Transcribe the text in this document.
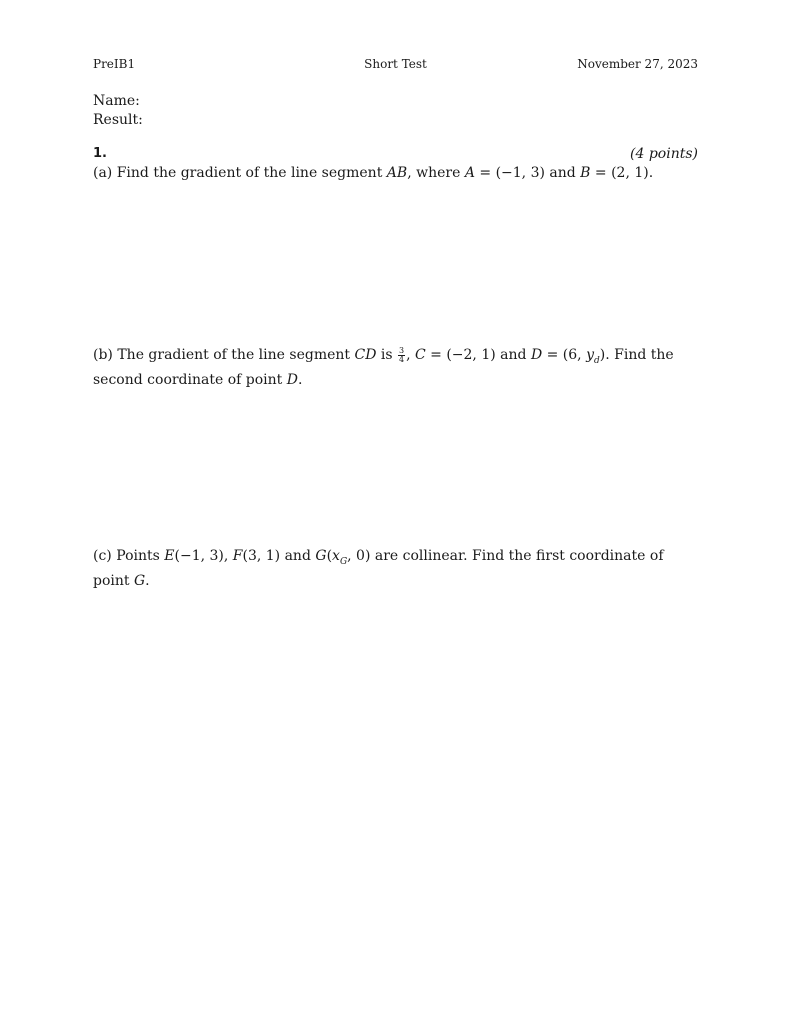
PreIB1	Short Test	November 27, 2023
Name:
Result:
1.	(4 points)
(a) Find the gradient of the line segment AB, where A = (−1, 3) and B = (2, 1).
(b) The gradient of the line segment CD is $\frac{3}{4}$ , C = (−2, 1) and D = (6, $y_d$). Find the second coordinate of point D.
(c) Points E(−1, 3), F(3, 1) and $G(x_G$, 0) are collinear. Find the first coordinate of point G.
